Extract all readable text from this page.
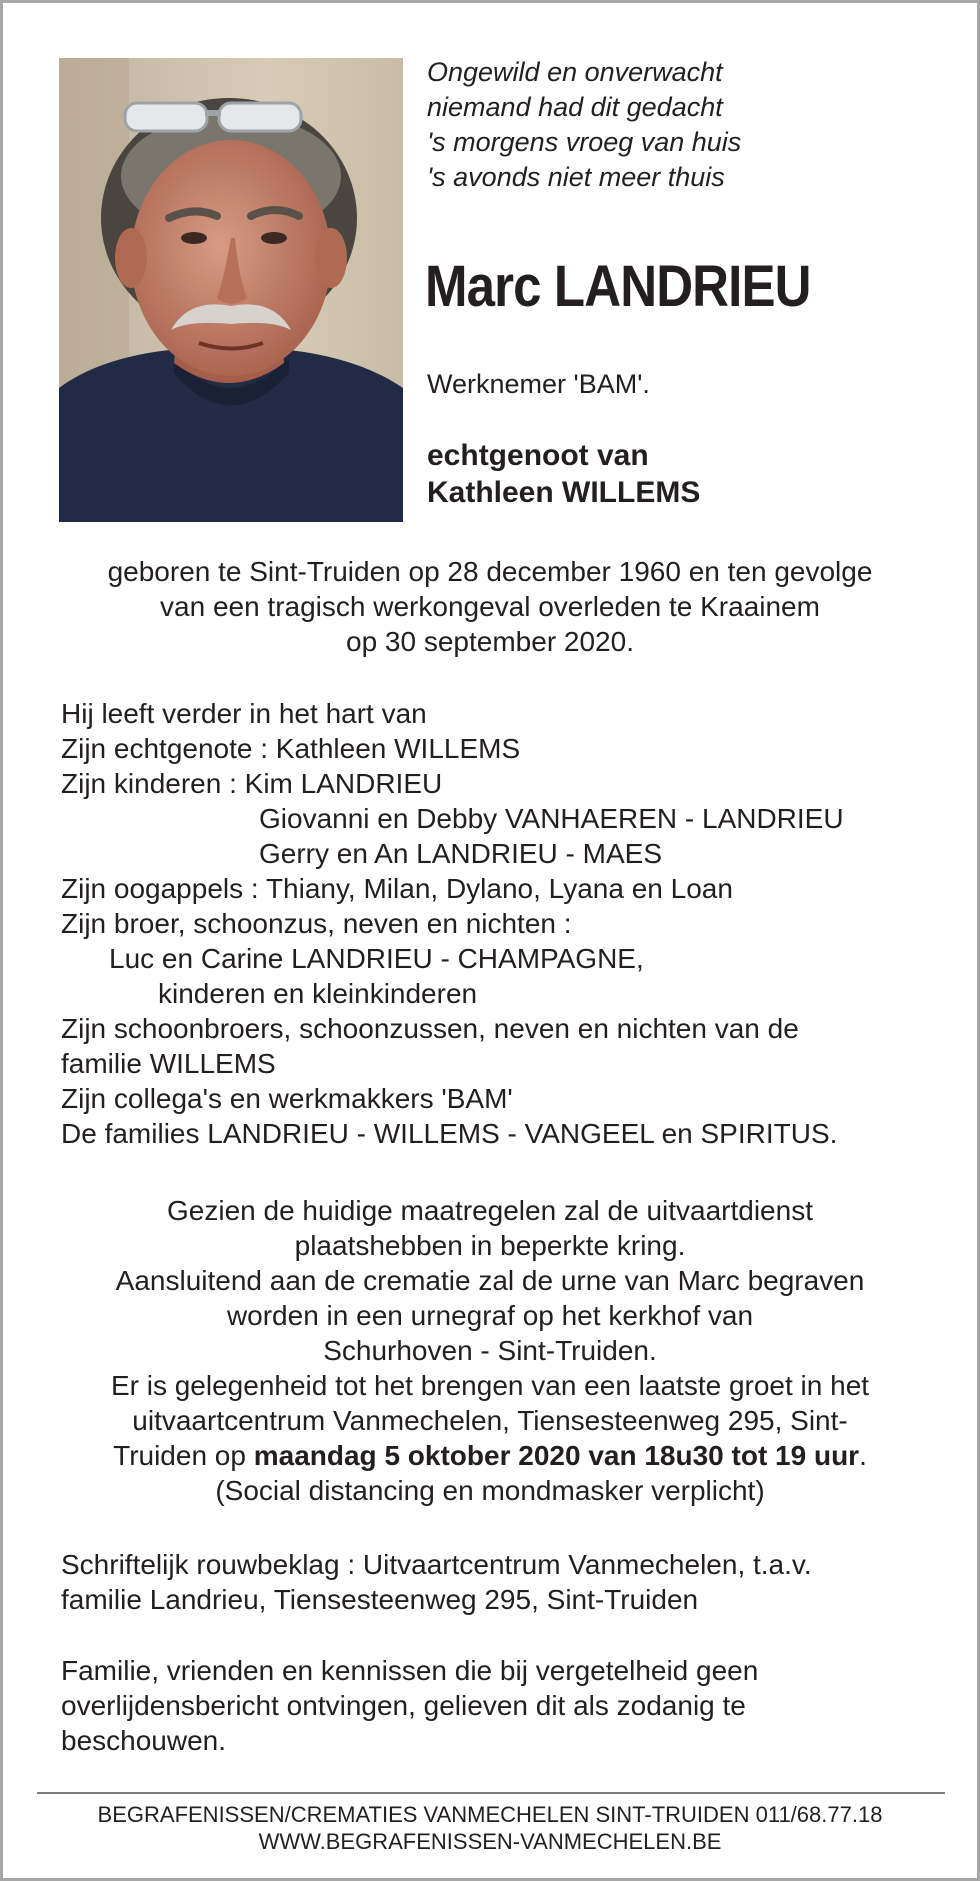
Ongewild en onverwacht
niemand had dit gedacht
's morgens vroeg van huis
's avonds niet meer thuis
Marc LANDRIEU
Werknemer 'BAM'.
echtgenoot van
Kathleen WILLEMS
geboren te Sint-Truiden op 28 december 1960 en ten gevolge
van een tragisch werkongeval overleden te Kraainem
op 30 september 2020.
Hij leeft verder in het hart van
Zijn echtgenote : Kathleen WILLEMS
Zijn kinderen : Kim LANDRIEU
Giovanni en Debby VANHAEREN - LANDRIEU
Gerry en An LANDRIEU - MAES
Zijn oogappels : Thiany, Milan, Dylano, Lyana en Loan
Zijn broer, schoonzus, neven en nichten :
Luc en Carine LANDRIEU - CHAMPAGNE,
kinderen en kleinkinderen
Zijn schoonbroers, schoonzussen, neven en nichten van de
familie WILLEMS
Zijn collega's en werkmakkers 'BAM'
De families LANDRIEU - WILLEMS - VANGEEL en SPIRITUS.
Gezien de huidige maatregelen zal de uitvaartdienst
plaatshebben in beperkte kring.
Aansluitend aan de crematie zal de urne van Marc begraven
worden in een urnegraf op het kerkhof van
Schurhoven - Sint-Truiden.
Er is gelegenheid tot het brengen van een laatste groet in het
uitvaartcentrum Vanmechelen, Tiensesteenweg 295, Sint-
Truiden op maandag 5 oktober 2020 van 18u30 tot 19 uur.
(Social distancing en mondmasker verplicht)
Schriftelijk rouwbeklag : Uitvaartcentrum Vanmechelen, t.a.v.
familie Landrieu, Tiensesteenweg 295, Sint-Truiden
Familie, vrienden en kennissen die bij vergetelheid geen
overlijdensbericht ontvingen, gelieven dit als zodanig te
beschouwen.
BEGRAFENISSEN/CREMATIES VANMECHELEN SINT-TRUIDEN 011/68.77.18
WWW.BEGRAFENISSEN-VANMECHELEN.BE
